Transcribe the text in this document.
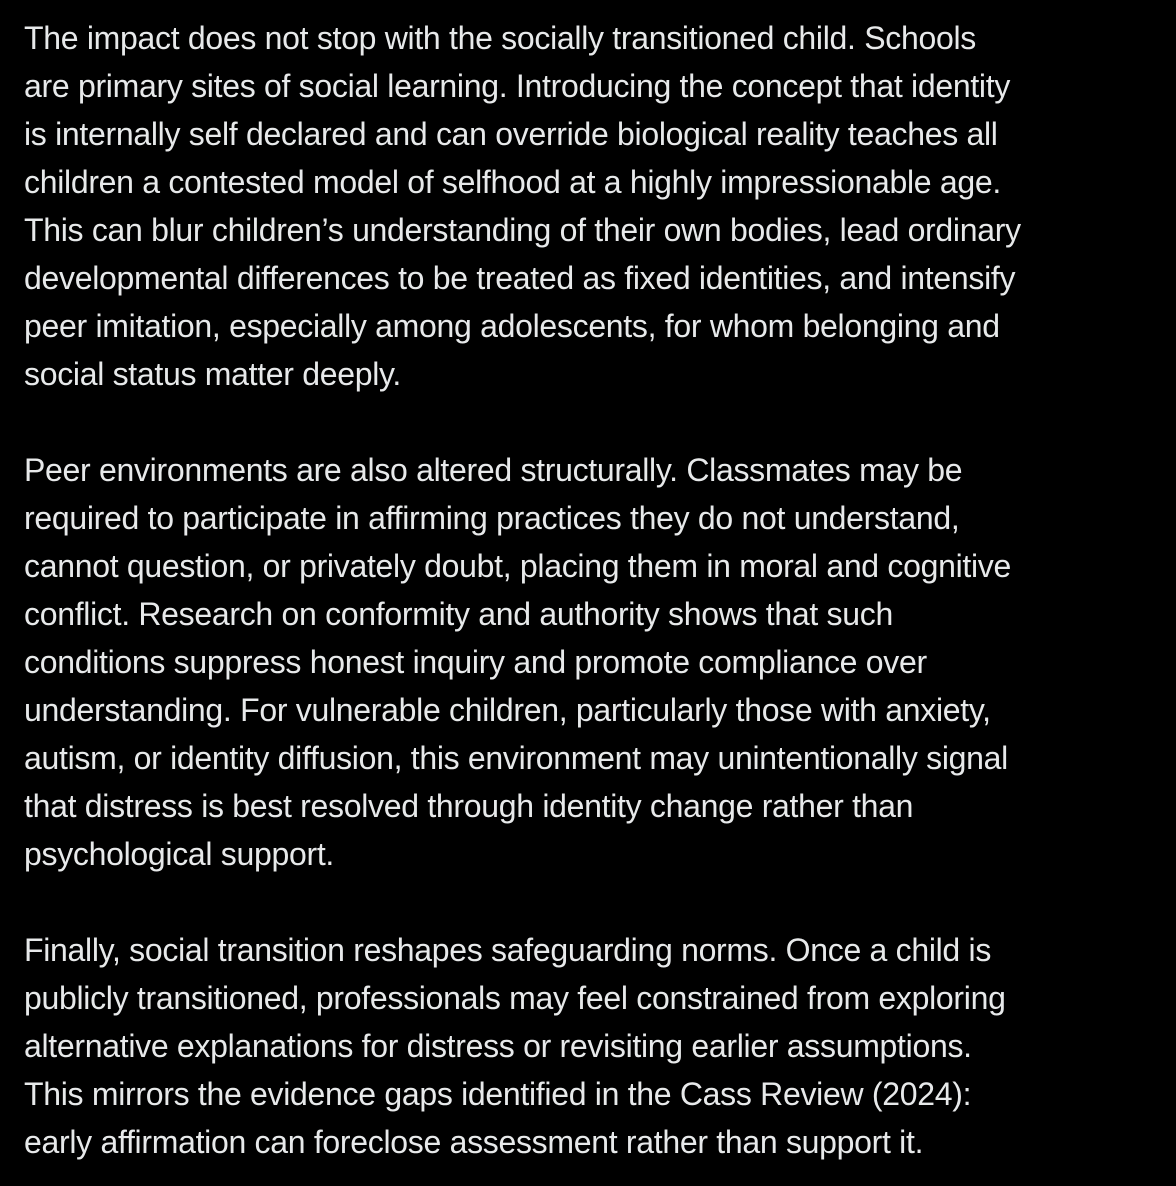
The impact does not stop with the socially transitioned child. Schools
are primary sites of social learning. Introducing the concept that identity
is internally self declared and can override biological reality teaches all
children a contested model of selfhood at a highly impressionable age.
This can blur children’s understanding of their own bodies, lead ordinary
developmental differences to be treated as fixed identities, and intensify
peer imitation, especially among adolescents, for whom belonging and
social status matter deeply.

Peer environments are also altered structurally. Classmates may be
required to participate in affirming practices they do not understand,
cannot question, or privately doubt, placing them in moral and cognitive
conflict. Research on conformity and authority shows that such
conditions suppress honest inquiry and promote compliance over
understanding. For vulnerable children, particularly those with anxiety,
autism, or identity diffusion, this environment may unintentionally signal
that distress is best resolved through identity change rather than
psychological support.

Finally, social transition reshapes safeguarding norms. Once a child is
publicly transitioned, professionals may feel constrained from exploring
alternative explanations for distress or revisiting earlier assumptions.
This mirrors the evidence gaps identified in the Cass Review (2024):
early affirmation can foreclose assessment rather than support it.
